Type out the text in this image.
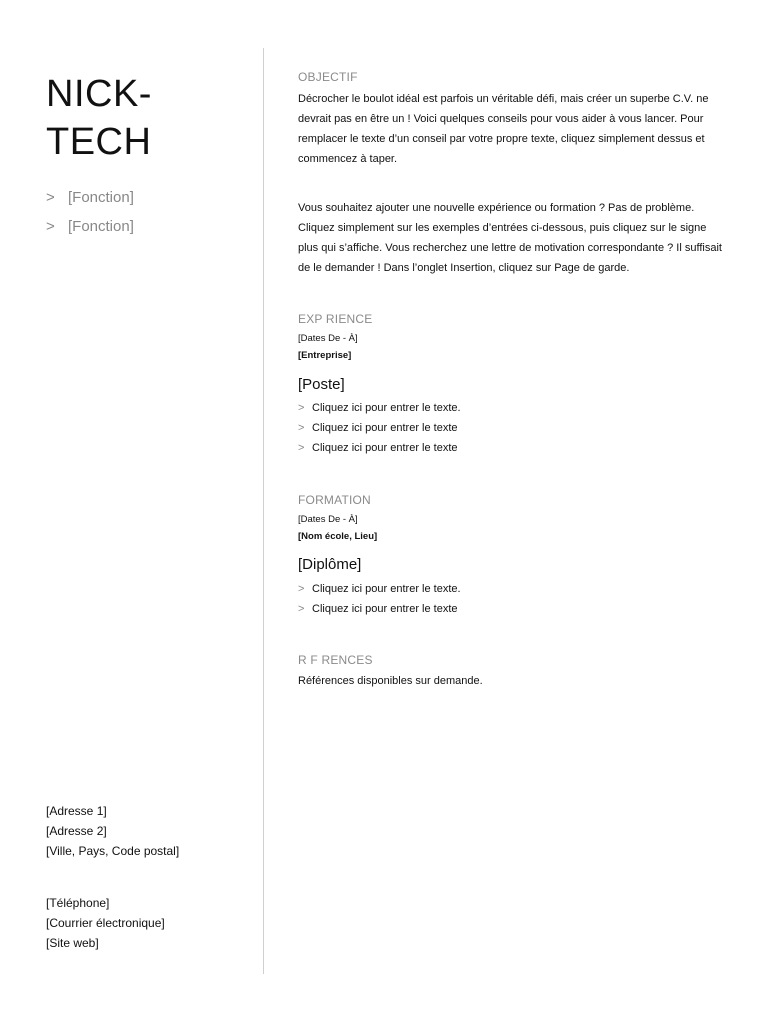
NICK-
TECH
> [Fonction]
> [Fonction]
[Adresse 1]
[Adresse 2]
[Ville, Pays, Code postal]
[Téléphone]
[Courrier électronique]
[Site web]
OBJECTIF
Décrocher le boulot idéal est parfois un véritable défi, mais créer un superbe C.V. ne devrait pas en être un ! Voici quelques conseils pour vous aider à vous lancer. Pour remplacer le texte d’un conseil par votre propre texte, cliquez simplement dessus et commencez à taper.
Vous souhaitez ajouter une nouvelle expérience ou formation ? Pas de problème. Cliquez simplement sur les exemples d’entrées ci-dessous, puis cliquez sur le signe plus qui s’affiche. Vous recherchez une lettre de motivation correspondante ? Il suffisait de le demander ! Dans l’onglet Insertion, cliquez sur Page de garde.
EXP RIENCE
[Dates De - À]
[Entreprise]
[Poste]
> Cliquez ici pour entrer le texte.
> Cliquez ici pour entrer le texte
> Cliquez ici pour entrer le texte
FORMATION
[Dates De - À]
[Nom école, Lieu]
[Diplôme]
> Cliquez ici pour entrer le texte.
> Cliquez ici pour entrer le texte
R F RENCES
Références disponibles sur demande.
